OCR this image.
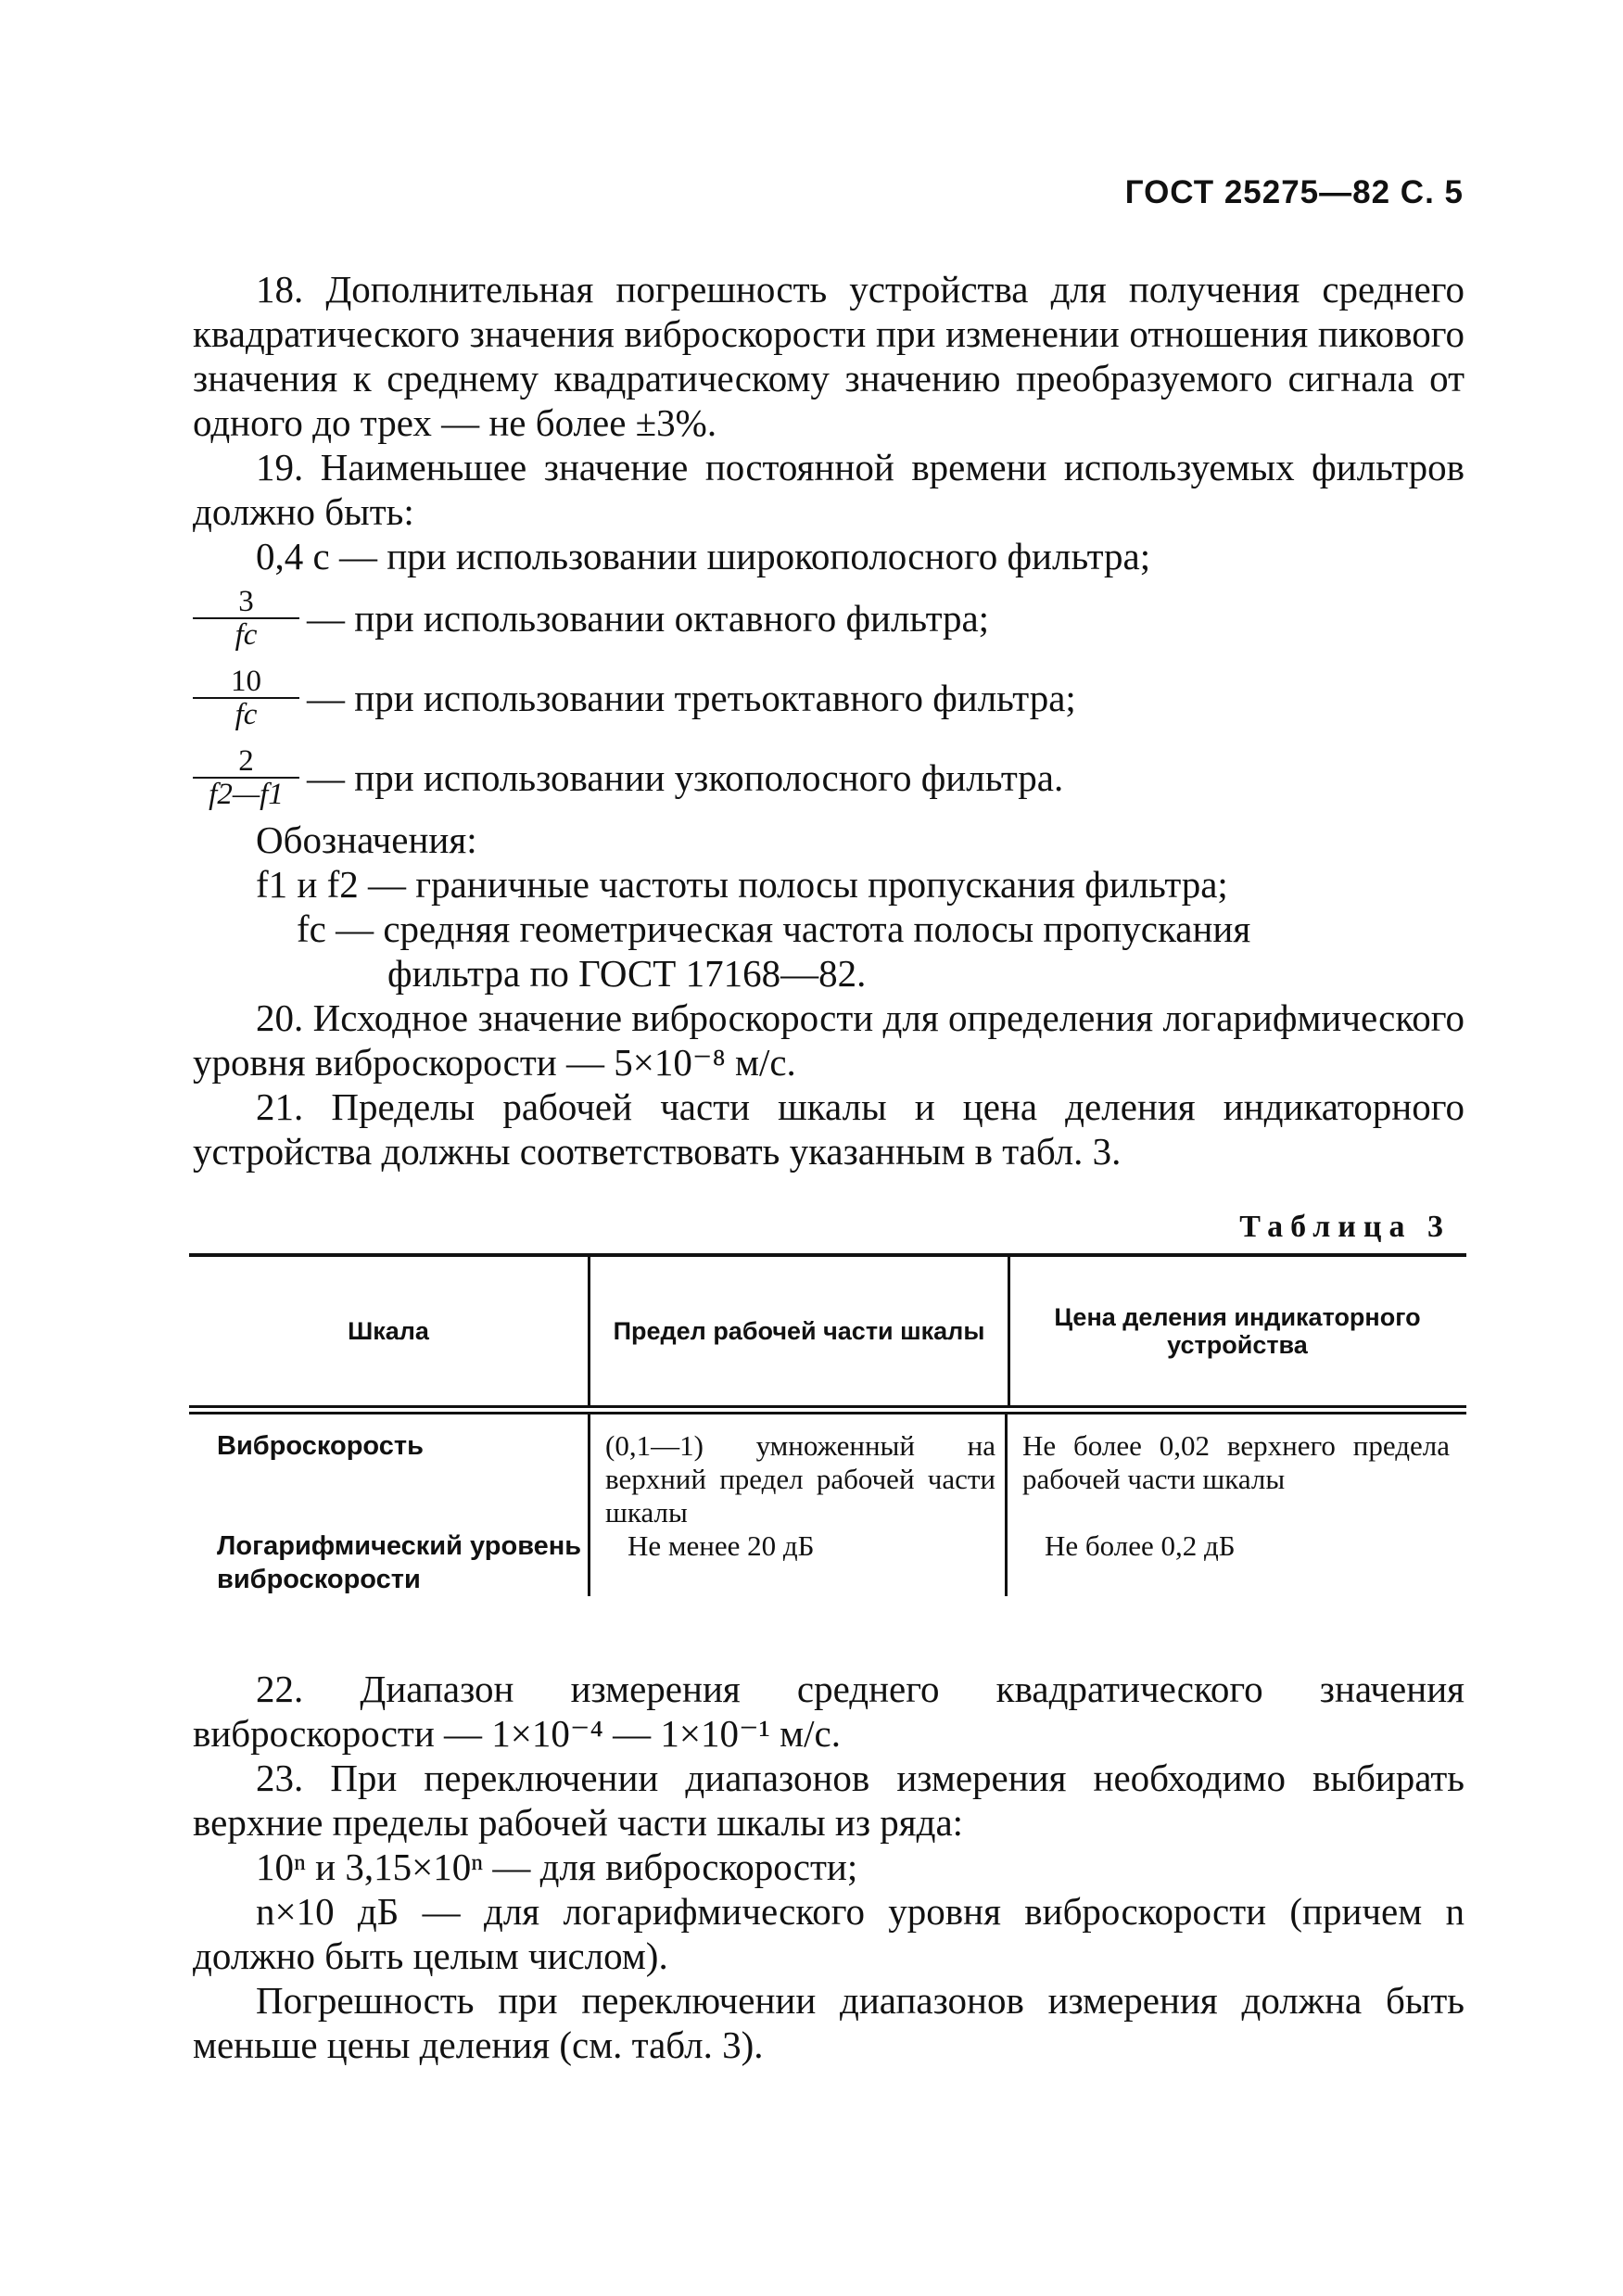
ГОСТ 25275—82 С. 5

18. Дополнительная погрешность устройства для получения среднего квадратического значения виброскорости при изменении отношения пикового значения к среднему квадратическому значению преобразуемого сигнала от одного до трех — не более ±3%.

19. Наименьшее значение постоянной времени используемых фильтров должно быть:

0,4 с — при использовании широкополосного фильтра;

$\frac{3}{fc}$ — при использовании октавного фильтра;
$\frac{10}{fc}$ — при использовании третьоктавного фильтра;
$\frac{2}{f2—f1}$ — при использовании узкополосного фильтра.

Обозначения:

f1 и f2 — граничные частоты полосы пропускания фильтра;

fс — средняя геометрическая частота полосы пропускания

фильтра по ГОСТ 17168—82.

20. Исходное значение виброскорости для определения логарифмического уровня виброскорости — 5×10⁻⁸ м/с.

21. Пределы рабочей части шкалы и цена деления индикаторного устройства должны соответствовать указанным в табл. 3.

Таблица 3
Шкала	Предел рабочей части шкалы	Цена деления индикаторного устройства
Виброскорость
Логарифмический уровень виброскорости
(0,1—1) умноженный на верхний предел рабочей части шкалы
Не менее 20 дБ
Не более 0,02 верхнего предела рабочей части шкалы
Не более 0,2 дБ

22. Диапазон измерения среднего квадратического значения виброскорости — 1×10⁻⁴ — 1×10⁻¹ м/с.

23. При переключении диапазонов измерения необходимо выбирать верхние пределы рабочей части шкалы из ряда:

10ⁿ и 3,15×10ⁿ — для виброскорости;

n×10 дБ — для логарифмического уровня виброскорости (причем n должно быть целым числом).

Погрешность при переключении диапазонов измерения должна быть меньше цены деления (см. табл. 3).
